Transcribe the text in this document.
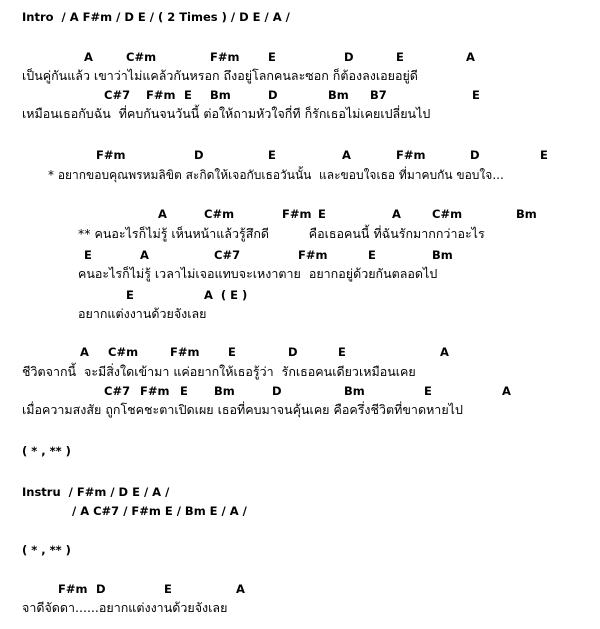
Intro  / A F#m / D E / ( 2 Times ) / D E / A /
A	C#m	F#m E	D	E	A
เป็นคู่กันแล้ว เขาว่าไม่แคล้วกันหรอก ถึงอยู่โลกคนละซอก ก็ต้องลงเอยอยู่ดี
C#7 F#m E Bm	D	Bm B7	E
เหมือนเธอกับฉัน  ที่คบกันจนวันนี้ ต่อให้ถามหัวใจกี่ที ก็รักเธอไม่เคยเปลี่ยนไป
F#m	D	E	A	F#m	D	E
* อยากขอบคุณพรหมลิขิต สะกิดให้เจอกับเธอวันนั้น  และขอบใจเธอ ที่มาคบกัน ขอบใจ...
A	C#m	F#m E	A	C#m	Bm
** คนอะไรก็ไม่รู้ เห็นหน้าแล้วรู้สึกดี          คือเธอคนนี้ ที่ฉันรักมากกว่าอะไร
E	A	C#7	F#m	E	Bm
คนอะไรก็ไม่รู้ เวลาไม่เจอแทบจะเหงาตาย  อยากอยู่ด้วยกันตลอดไป
E	A  ( E )
อยากแต่งงานด้วยจังเลย
A C#m	F#m E	D	E	A
ชีวิตจากนี้  จะมีสิ่งใดเข้ามา แค่อยากให้เธอรู้ว่า  รักเธอคนเดียวเหมือนเคย
C#7 F#m E Bm	D	Bm	E	A
เมื่อความสงสัย ถูกโชคชะตาเปิดเผย เธอที่คบมาจนคุ้นเคย คือครึ่งชีวิตที่ขาดหายไป
( * , ** )
Instru  / F#m / D E / A /
/ A C#7 / F#m E / Bm E / A /
( * , ** )
F#m D	E	A
จาดีจัดดา......อยากแต่งงานด้วยจังเลย
